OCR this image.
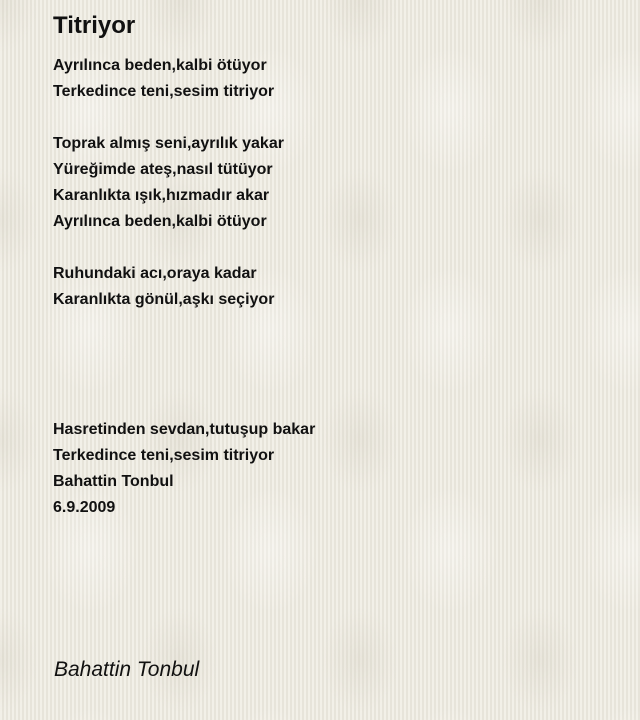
Titriyor
Ayrılınca beden,kalbi ötüyor
Terkedince teni,sesim titriyor
Toprak almış seni,ayrılık yakar
Yüreğimde ateş,nasıl tütüyor
Karanlıkta ışık,hızmadır akar
Ayrılınca beden,kalbi ötüyor
Ruhundaki acı,oraya kadar
Karanlıkta gönül,aşkı seçiyor
Hasretinden sevdan,tutuşup bakar
Terkedince teni,sesim titriyor
Bahattin Tonbul
6.9.2009
Bahattin Tonbul
